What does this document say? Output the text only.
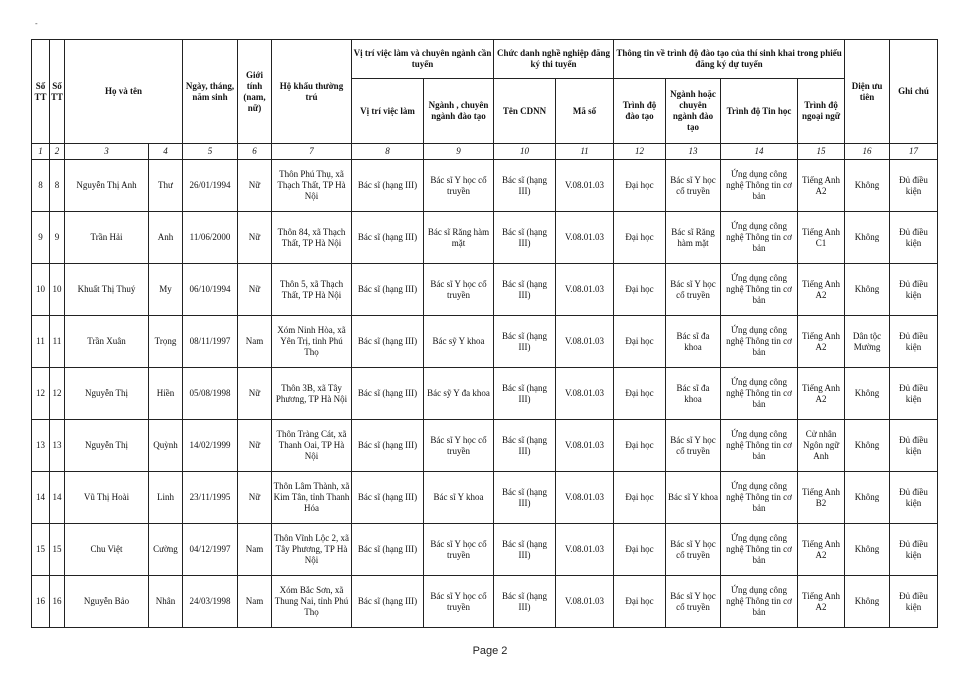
Số TT	Số TT	Họ và tên		Ngày, tháng, năm sinh	Giới tính (nam, nữ)	Hộ khẩu thường trú	Vị trí việc làm và chuyên ngành cần tuyển		Chức danh nghề nghiệp đăng ký thi tuyển		Thông tin về trình độ đào tạo của thí sinh khai trong phiếu đăng ký dự tuyển				Diện ưu tiên	Ghi chú
							Vị trí việc làm	Ngành , chuyên ngành đào tạo	Tên CDNN	Mã số	Trình độ đào tạo	Ngành hoặc chuyên ngành đào tạo	Trình độ Tin học	Trình độ ngoại ngữ		
1	2	3	4	5	6	7	8	9	10	11	12	13	14	15	16	17
8	8	Nguyễn Thị Anh	Thư	26/01/1994	Nữ	Thôn Phú Thụ, xã Thạch Thất, TP Hà Nội	Bác sĩ (hạng III)	Bác sĩ Y học cổ truyền	Bác sĩ (hạng III)	V.08.01.03	Đại học	Bác sĩ Y học cổ truyền	Ứng dụng công nghệ Thông tin cơ bản	Tiếng Anh A2	Không	Đủ điều kiện
9	9	Trần Hải	Anh	11/06/2000	Nữ	Thôn 84, xã Thạch Thất, TP Hà Nội	Bác sĩ (hạng III)	Bác sĩ Răng hàm mặt	Bác sĩ (hạng III)	V.08.01.03	Đại học	Bác sĩ Răng hàm mặt	Ứng dụng công nghệ Thông tin cơ bản	Tiếng Anh C1	Không	Đủ điều kiện
10	10	Khuất Thị Thuý	My	06/10/1994	Nữ	Thôn 5, xã Thạch Thất, TP Hà Nội	Bác sĩ (hạng III)	Bác sĩ Y học cổ truyền	Bác sĩ (hạng III)	V.08.01.03	Đại học	Bác sĩ Y học cổ truyền	Ứng dụng công nghệ Thông tin cơ bản	Tiếng Anh A2	Không	Đủ điều kiện
11	11	Trần Xuân	Trọng	08/11/1997	Nam	Xóm Ninh Hòa, xã Yên Trị, tỉnh Phú Thọ	Bác sĩ (hạng III)	Bác sỹ Y khoa	Bác sĩ (hạng III)	V.08.01.03	Đại học	Bác sĩ đa khoa	Ứng dụng công nghệ Thông tin cơ bản	Tiếng Anh A2	Dân tộc Mường	Đủ điều kiện
12	12	Nguyễn Thị	Hiền	05/08/1998	Nữ	Thôn 3B, xã Tây Phương, TP Hà Nội	Bác sĩ (hạng III)	Bác sỹ Y đa khoa	Bác sĩ (hạng III)	V.08.01.03	Đại học	Bác sĩ đa khoa	Ứng dụng công nghệ Thông tin cơ bản	Tiếng Anh A2	Không	Đủ điều kiện
13	13	Nguyễn Thị	Quỳnh	14/02/1999	Nữ	Thôn Tràng Cát, xã Thanh Oai, TP Hà Nội	Bác sĩ (hạng III)	Bác sĩ Y học cổ truyền	Bác sĩ (hạng III)	V.08.01.03	Đại học	Bác sĩ Y học cổ truyền	Ứng dụng công nghệ Thông tin cơ bản	Cử nhân Ngôn ngữ Anh	Không	Đủ điều kiện
14	14	Vũ Thị Hoài	Linh	23/11/1995	Nữ	Thôn Lâm Thành, xã Kim Tân, tỉnh Thanh Hóa	Bác sĩ (hạng III)	Bác sĩ Y khoa	Bác sĩ (hạng III)	V.08.01.03	Đại học	Bác sĩ Y khoa	Ứng dụng công nghệ Thông tin cơ bản	Tiếng Anh B2	Không	Đủ điều kiện
15	15	Chu Việt	Cường	04/12/1997	Nam	Thôn Vĩnh Lộc 2, xã Tây Phương, TP Hà Nội	Bác sĩ (hạng III)	Bác sĩ Y học cổ truyền	Bác sĩ (hạng III)	V.08.01.03	Đại học	Bác sĩ Y học cổ truyền	Ứng dụng công nghệ Thông tin cơ bản	Tiếng Anh A2	Không	Đủ điều kiện
16	16	Nguyễn Bảo	Nhân	24/03/1998	Nam	Xóm Bắc Sơn, xã Thung Nai, tỉnh Phú Thọ	Bác sĩ (hạng III)	Bác sĩ Y học cổ truyền	Bác sĩ (hạng III)	V.08.01.03	Đại học	Bác sĩ Y học cổ truyền	Ứng dụng công nghệ Thông tin cơ bản	Tiếng Anh A2	Không	Đủ điều kiện
-
Page 2
